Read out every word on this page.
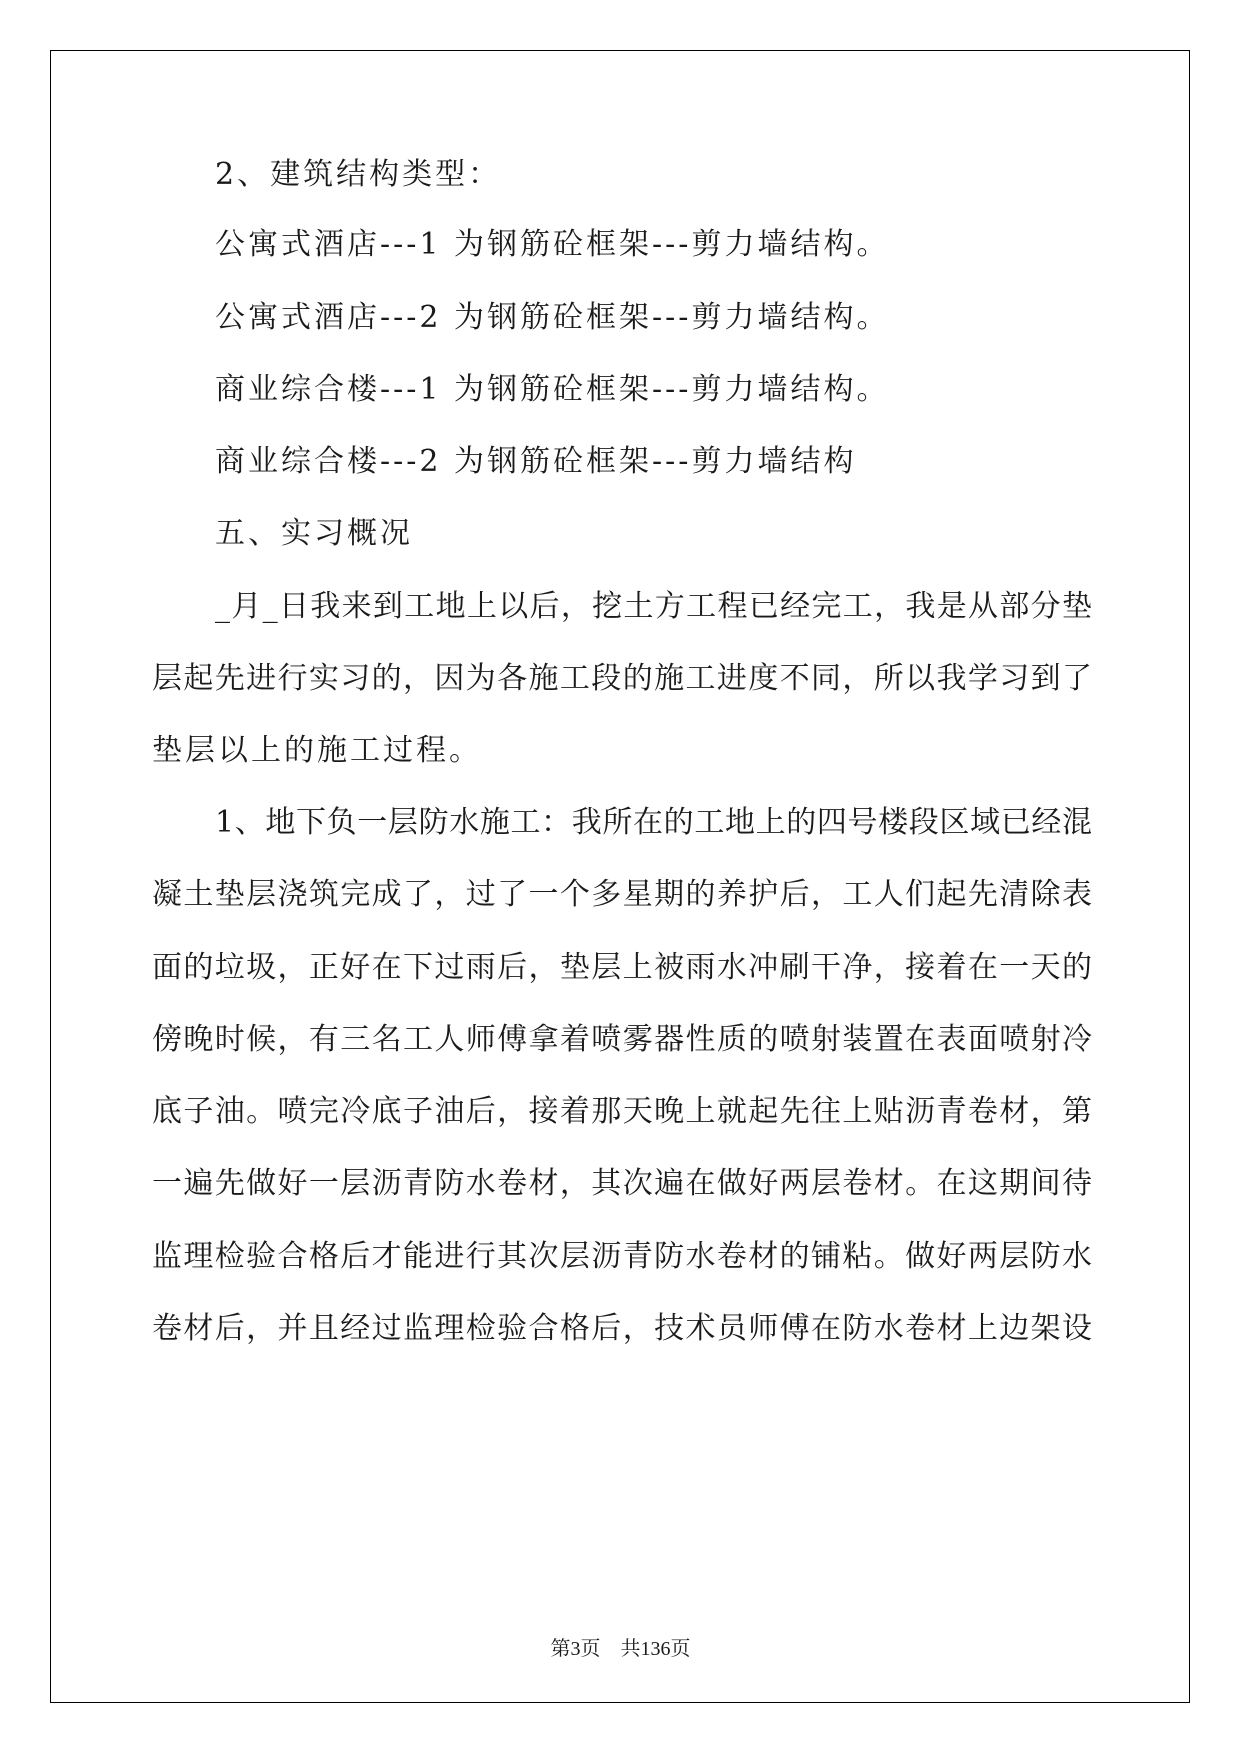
2、建筑结构类型：
公寓式酒店---1 为钢筋砼框架---剪力墙结构。
公寓式酒店---2 为钢筋砼框架---剪力墙结构。
商业综合楼---1 为钢筋砼框架---剪力墙结构。
商业综合楼---2 为钢筋砼框架---剪力墙结构
五、实习概况
_月_日我来到工地上以后，挖土方工程已经完工，我是从部分垫
层起先进行实习的，因为各施工段的施工进度不同，所以我学习到了
垫层以上的施工过程。
1、地下负一层防水施工：我所在的工地上的四号楼段区域已经混
凝土垫层浇筑完成了，过了一个多星期的养护后，工人们起先清除表
面的垃圾，正好在下过雨后，垫层上被雨水冲刷干净，接着在一天的
傍晚时候，有三名工人师傅拿着喷雾器性质的喷射装置在表面喷射冷
底子油。喷完冷底子油后，接着那天晚上就起先往上贴沥青卷材，第
一遍先做好一层沥青防水卷材，其次遍在做好两层卷材。在这期间待
监理检验合格后才能进行其次层沥青防水卷材的铺粘。做好两层防水
卷材后，并且经过监理检验合格后，技术员师傅在防水卷材上边架设
第3页　共136页
